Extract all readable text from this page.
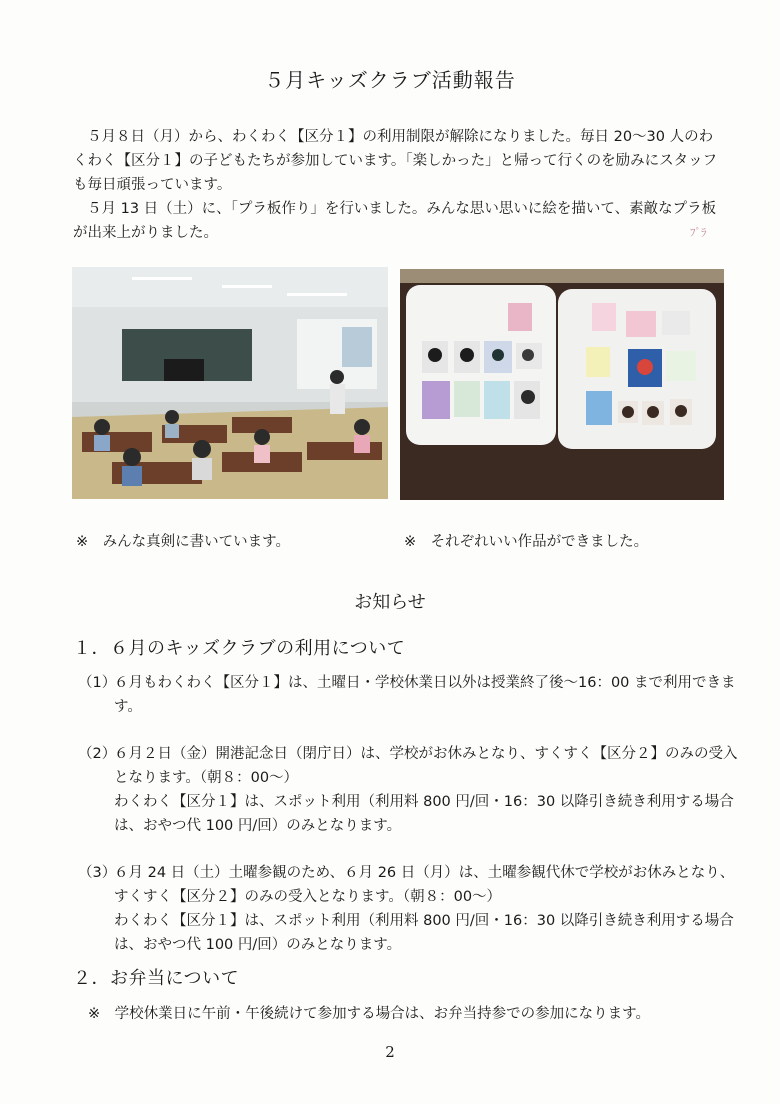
５月キッズクラブ活動報告

５月８日（月）から、わくわく【区分１】の利用制限が解除になりました。毎日 20～30 人のわくわく【区分１】の子どもたちが参加しています。「楽しかった」と帰って行くのを励みにスタッフも毎日頑張っています。

５月 13 日（土）に、「プラ板作り」を行いました。みんな思い思いに絵を描いて、素敵なプラ板が出来上がりました。	ﾌﾟﾗ
※　みんな真剣に書いています。	※　それぞれいい作品ができました。
お知らせ
１．６月のキッズクラブの利用について
（1）
６月もわくわく【区分１】は、土曜日・学校休業日以外は授業終了後～16：00 まで利用できます。
（2）
６月２日（金）開港記念日（閉庁日）は、学校がお休みとなり、すくすく【区分２】のみの受入となります。（朝８：00～）
わくわく【区分１】は、スポット利用（利用料 800 円/回・16：30 以降引き続き利用する場合は、おやつ代 100 円/回）のみとなります。
（3）
６月 24 日（土）土曜参観のため、６月 26 日（月）は、土曜参観代休で学校がお休みとなり、すくすく【区分２】のみの受入となります。（朝８：00～）
わくわく【区分１】は、スポット利用（利用料 800 円/回・16：30 以降引き続き利用する場合は、おやつ代 100 円/回）のみとなります。
２．お弁当について
※　学校休業日に午前・午後続けて参加する場合は、お弁当持参での参加になります。
2
